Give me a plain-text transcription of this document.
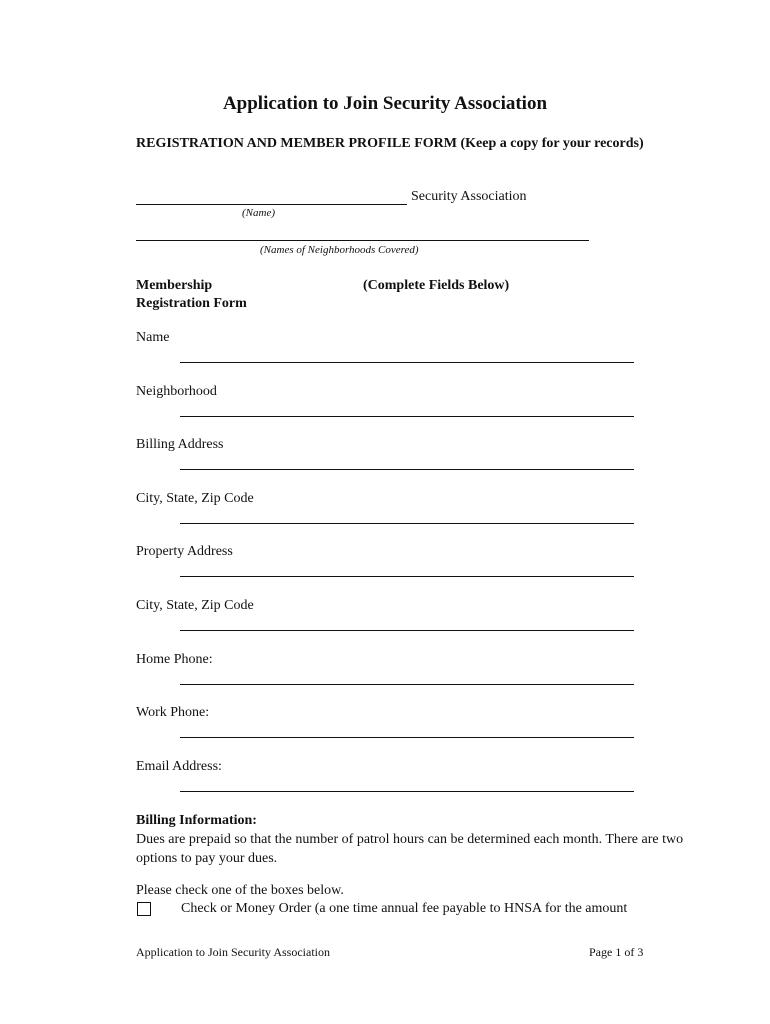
Application to Join Security Association
REGISTRATION AND MEMBER PROFILE FORM (Keep a copy for your records)
Security Association
(Name)
(Names of Neighborhoods Covered)
Membership Registration Form
(Complete Fields Below)
Name
Neighborhood
Billing Address
City, State, Zip Code
Property Address
City, State, Zip Code
Home Phone:
Work Phone:
Email Address:
Billing Information:
Dues are prepaid so that the number of patrol hours can be determined each month. There are two options to pay your dues.
Please check one of the boxes below.
Check or Money Order (a one time annual fee payable to HNSA for the amount
Application to Join Security Association	Page 1 of 3
